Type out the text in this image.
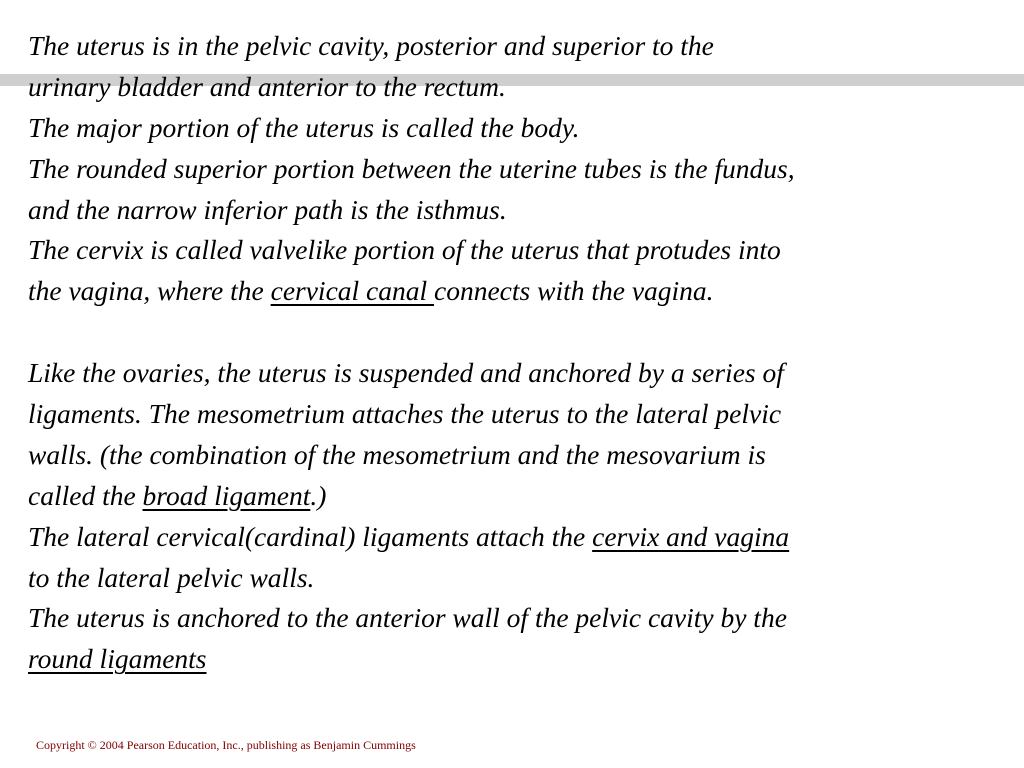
The uterus is in the pelvic cavity, posterior and superior to the
urinary bladder and anterior to the rectum.
The major portion of the uterus is called the body.
The rounded superior portion between the uterine tubes is the fundus,
and the narrow inferior path is the isthmus.
The cervix is called valvelike portion of the uterus that protudes into
the vagina, where the cervical canal connects with the vagina.
Like the ovaries, the uterus is suspended and anchored by a series of
ligaments. The mesometrium attaches the uterus to the lateral pelvic
walls. (the combination of the mesometrium and the mesovarium is
called the broad ligament.)
The lateral cervical(cardinal) ligaments attach the cervix and vagina
to the lateral pelvic walls.
The uterus is anchored to the anterior wall of the pelvic cavity by the
round ligaments
Copyright © 2004 Pearson Education, Inc., publishing as Benjamin Cummings
